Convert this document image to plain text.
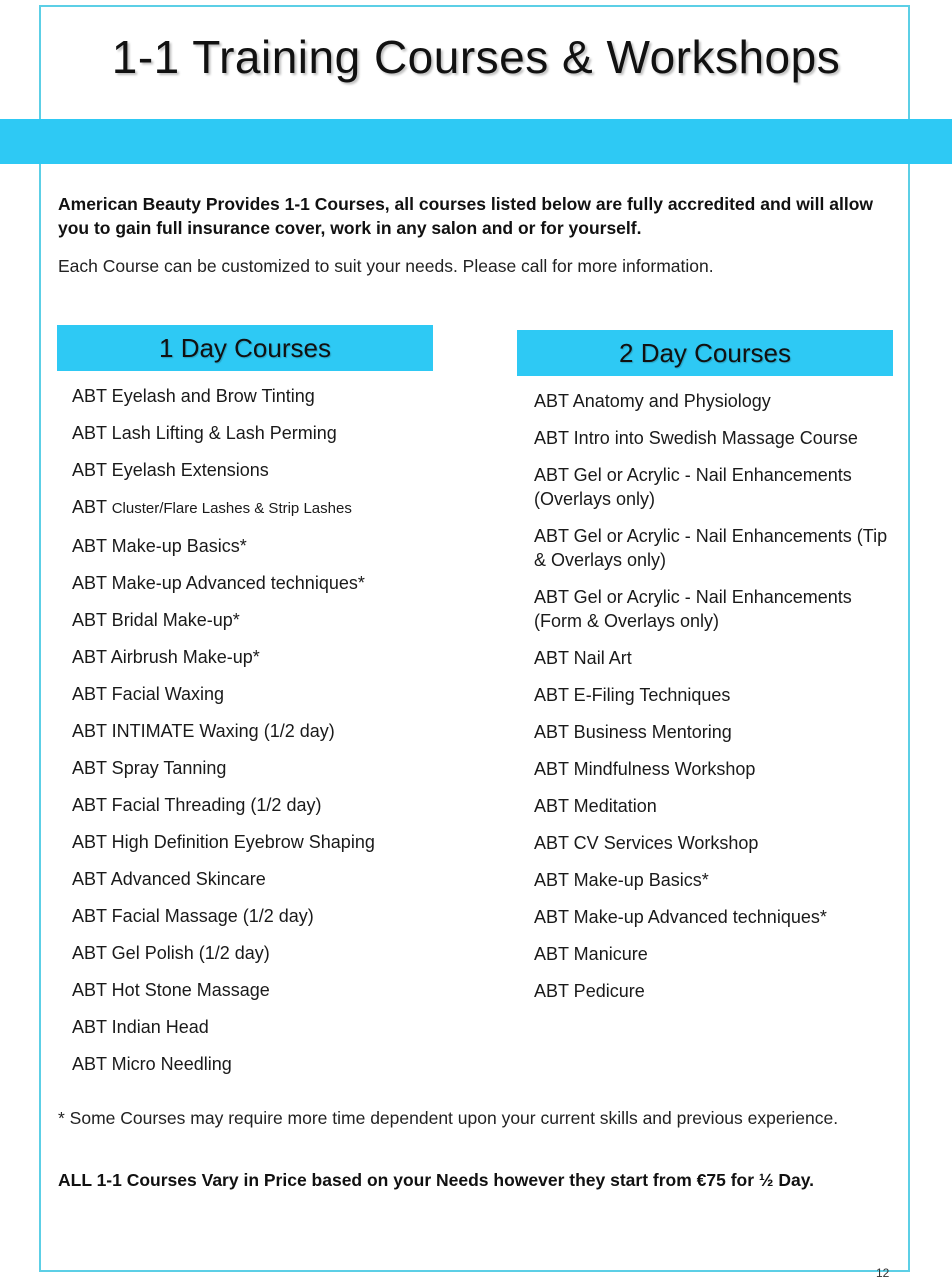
1-1 Training Courses & Workshops
American Beauty Provides 1-1 Courses, all courses listed below are fully accredited and will allow you to gain full insurance cover, work in any salon and or for yourself.
Each Course can be customized to suit your needs. Please call for more information.
1 Day Courses	2 Day Courses
ABT Eyelash and Brow Tinting
ABT Lash Lifting & Lash Perming
ABT Eyelash Extensions
ABT Cluster/Flare Lashes & Strip Lashes
ABT Make-up Basics*
ABT Make-up Advanced techniques*
ABT Bridal Make-up*
ABT Airbrush Make-up*
ABT Facial Waxing
ABT INTIMATE Waxing (1/2 day)
ABT Spray Tanning
ABT Facial Threading (1/2 day)
ABT High Definition Eyebrow Shaping
ABT Advanced Skincare
ABT Facial Massage (1/2 day)
ABT Gel Polish (1/2 day)
ABT Hot Stone Massage
ABT Indian Head
ABT Micro Needling
ABT Anatomy and Physiology
ABT Intro into Swedish Massage Course
ABT Gel or Acrylic - Nail Enhancements (Overlays only)
ABT Gel or Acrylic - Nail Enhancements (Tip & Overlays only)
ABT Gel or Acrylic - Nail Enhancements (Form & Overlays only)
ABT Nail Art
ABT E-Filing Techniques
ABT Business Mentoring
ABT Mindfulness Workshop
ABT Meditation
ABT CV Services Workshop
ABT Make-up Basics*
ABT Make-up Advanced techniques*
ABT Manicure
ABT Pedicure
* Some Courses may require more time dependent upon your current skills and previous experience.
ALL 1-1 Courses Vary in Price based on your Needs however they start from €75 for ½ Day.
12
